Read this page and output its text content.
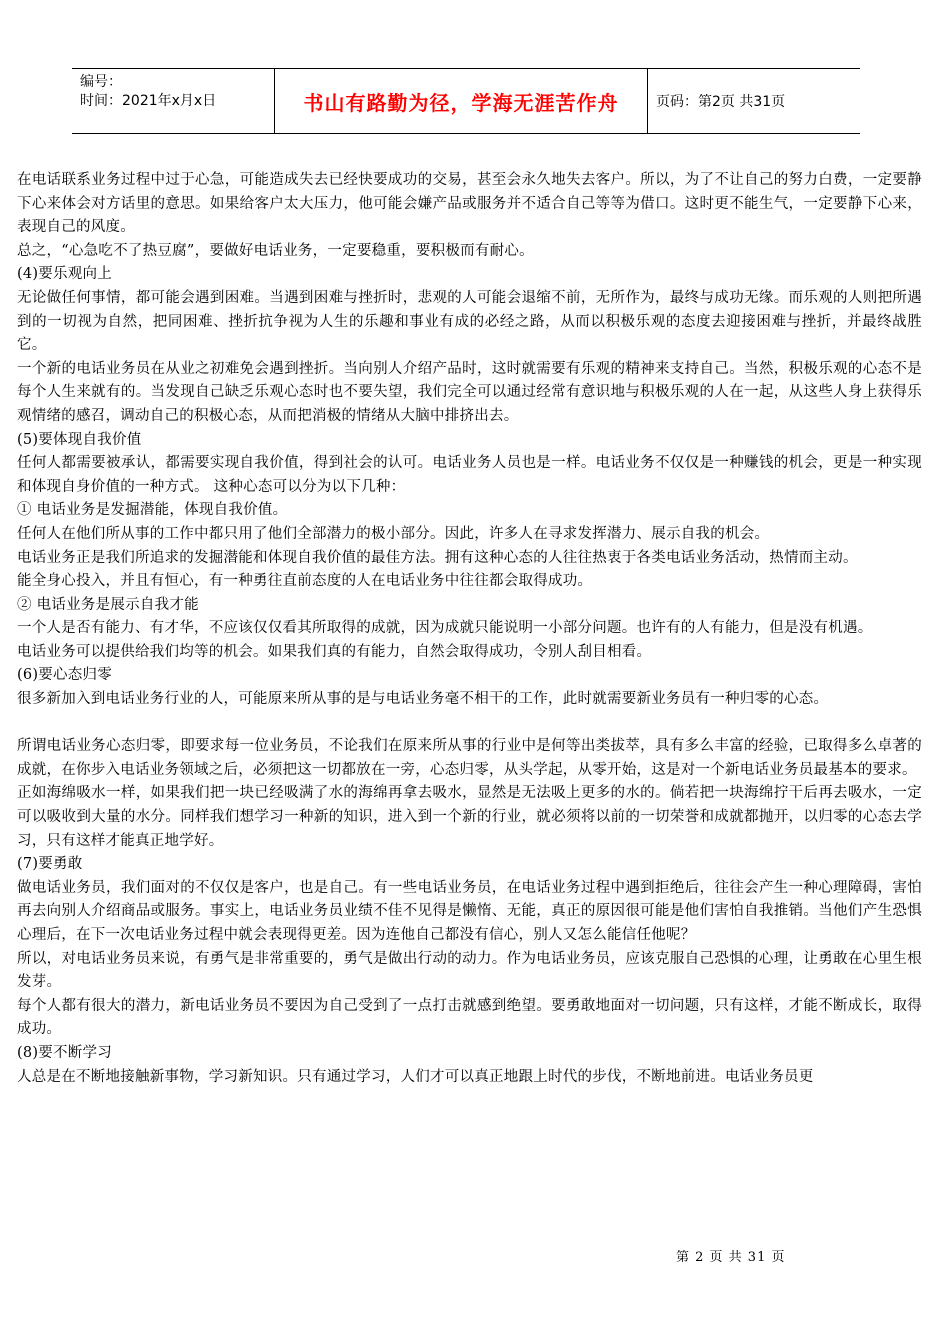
编号：
时间：2021年x月x日	书山有路勤为径，学海无涯苦作舟	页码：第2页 共31页

在电话联系业务过程中过于心急，可能造成失去已经快要成功的交易，甚至会永久地失去客户。所以，为了不让自己的努力白费，一定要静下心来体会对方话里的意思。如果给客户太大压力，他可能会嫌产品或服务并不适合自己等等为借口。这时更不能生气，一定要静下心来，表现自己的风度。

总之，“心急吃不了热豆腐”，要做好电话业务，一定要稳重，要积极而有耐心。

(4)要乐观向上

无论做任何事情，都可能会遇到困难。当遇到困难与挫折时，悲观的人可能会退缩不前，无所作为，最终与成功无缘。而乐观的人则把所遇到的一切视为自然，把同困难、挫折抗争视为人生的乐趣和事业有成的必经之路，从而以积极乐观的态度去迎接困难与挫折，并最终战胜它。

一个新的电话业务员在从业之初难免会遇到挫折。当向别人介绍产品时，这时就需要有乐观的精神来支持自己。当然，积极乐观的心态不是每个人生来就有的。当发现自己缺乏乐观心态时也不要失望，我们完全可以通过经常有意识地与积极乐观的人在一起，从这些人身上获得乐观情绪的感召，调动自己的积极心态，从而把消极的情绪从大脑中排挤出去。

(5)要体现自我价值

任何人都需要被承认，都需要实现自我价值，得到社会的认可。电话业务人员也是一样。电话业务不仅仅是一种赚钱的机会，更是一种实现和体现自身价值的一种方式。 这种心态可以分为以下几种：

① 电话业务是发掘潜能，体现自我价值。

任何人在他们所从事的工作中都只用了他们全部潜力的极小部分。因此，许多人在寻求发挥潜力、展示自我的机会。

电话业务正是我们所追求的发掘潜能和体现自我价值的最佳方法。拥有这种心态的人往往热衷于各类电话业务活动，热情而主动。

能全身心投入，并且有恒心，有一种勇往直前态度的人在电话业务中往往都会取得成功。

② 电话业务是展示自我才能

一个人是否有能力、有才华，不应该仅仅看其所取得的成就，因为成就只能说明一小部分问题。也许有的人有能力，但是没有机遇。

电话业务可以提供给我们均等的机会。如果我们真的有能力，自然会取得成功，令别人刮目相看。

(6)要心态归零

很多新加入到电话业务行业的人，可能原来所从事的是与电话业务毫不相干的工作，此时就需要新业务员有一种归零的心态。

所谓电话业务心态归零，即要求每一位业务员，不论我们在原来所从事的行业中是何等出类拔萃，具有多么丰富的经验，已取得多么卓著的成就，在你步入电话业务领域之后，必须把这一切都放在一旁，心态归零，从头学起，从零开始，这是对一个新电话业务员最基本的要求。

正如海绵吸水一样，如果我们把一块已经吸满了水的海绵再拿去吸水，显然是无法吸上更多的水的。倘若把一块海绵拧干后再去吸水，一定可以吸收到大量的水分。同样我们想学习一种新的知识，进入到一个新的行业，就必须将以前的一切荣誉和成就都抛开，以归零的心态去学习，只有这样才能真正地学好。

(7)要勇敢

做电话业务员，我们面对的不仅仅是客户，也是自己。有一些电话业务员，在电话业务过程中遇到拒绝后，往往会产生一种心理障碍，害怕再去向别人介绍商品或服务。事实上，电话业务员业绩不佳不见得是懒惰、无能，真正的原因很可能是他们害怕自我推销。当他们产生恐惧心理后，在下一次电话业务过程中就会表现得更差。因为连他自己都没有信心，别人又怎么能信任他呢？

所以，对电话业务员来说，有勇气是非常重要的，勇气是做出行动的动力。作为电话业务员，应该克服自己恐惧的心理，让勇敢在心里生根发芽。

每个人都有很大的潜力，新电话业务员不要因为自己受到了一点打击就感到绝望。要勇敢地面对一切问题，只有这样，才能不断成长，取得成功。

(8)要不断学习

人总是在不断地接触新事物，学习新知识。只有通过学习，人们才可以真正地跟上时代的步伐，不断地前进。电话业务员更

第 2 页 共 31 页
